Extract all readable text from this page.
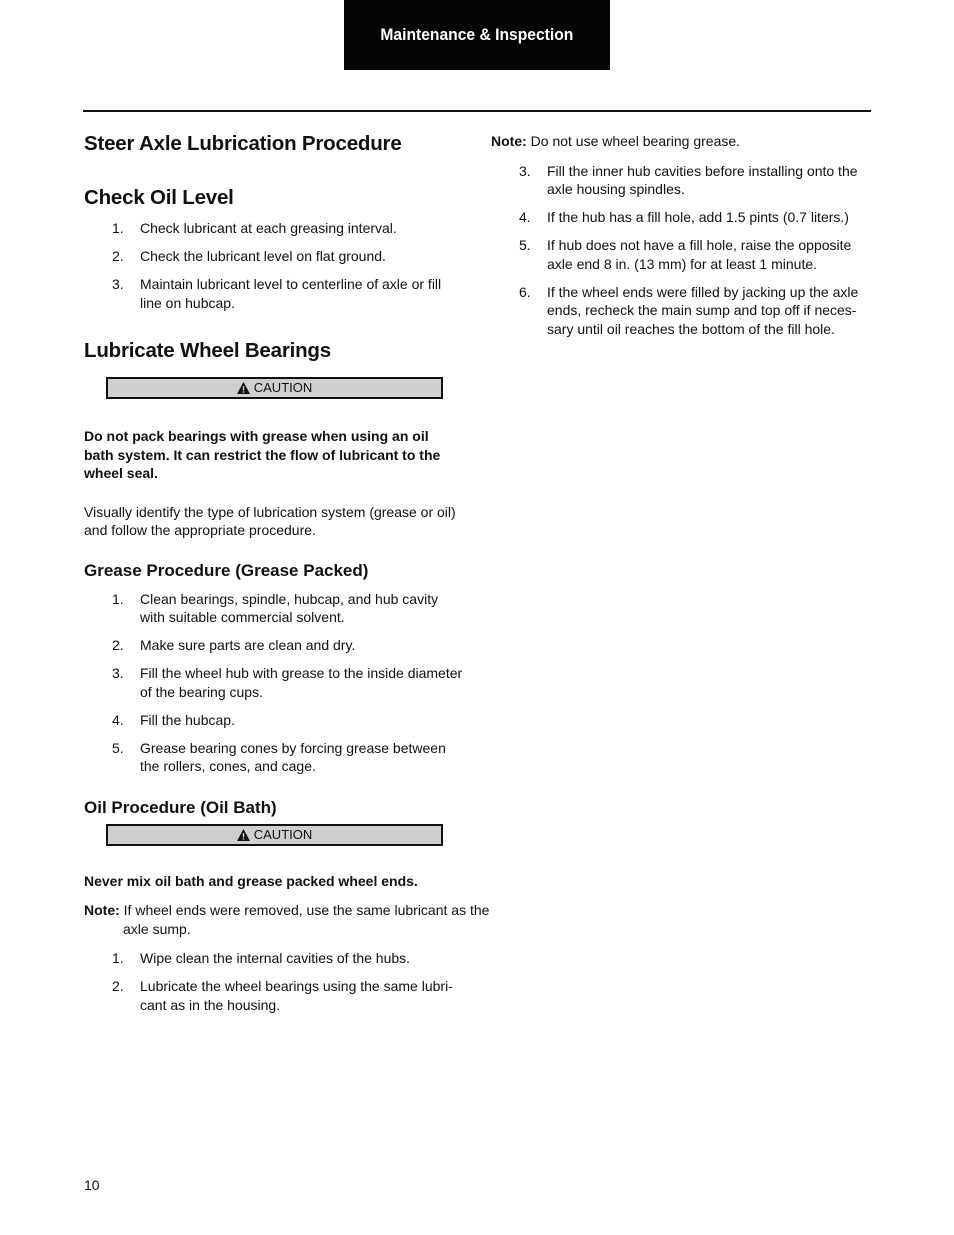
Maintenance & Inspection
Steer Axle Lubrication Procedure
Check Oil Level
1. Check lubricant at each greasing interval.
2. Check the lubricant level on flat ground.
3. Maintain lubricant level to centerline of axle or fill line on hubcap.
Lubricate Wheel Bearings
CAUTION

Do not pack bearings with grease when using an oil bath system. It can restrict the flow of lubricant to the wheel seal.

Visually identify the type of lubrication system (grease or oil) and follow the appropriate procedure.

Grease Procedure (Grease Packed)
1. Clean bearings, spindle, hubcap, and hub cavity with suitable commercial solvent.
2. Make sure parts are clean and dry.
3. Fill the wheel hub with grease to the inside diameter of the bearing cups.
4. Fill the hubcap.
5. Grease bearing cones by forcing grease between the rollers, cones, and cage.
Oil Procedure (Oil Bath)
CAUTION

Never mix oil bath and grease packed wheel ends.

Note: If wheel ends were removed, use the same lubricant as the axle sump.

1. Wipe clean the internal cavities of the hubs.
2. Lubricate the wheel bearings using the same lubri-cant as in the housing.

Note: Do not use wheel bearing grease.

3. Fill the inner hub cavities before installing onto the axle housing spindles.
4. If the hub has a fill hole, add 1.5 pints (0.7 liters.)
5. If hub does not have a fill hole, raise the opposite axle end 8 in. (13 mm) for at least 1 minute.
6. If the wheel ends were filled by jacking up the axle ends, recheck the main sump and top off if neces-sary until oil reaches the bottom of the fill hole.
10
